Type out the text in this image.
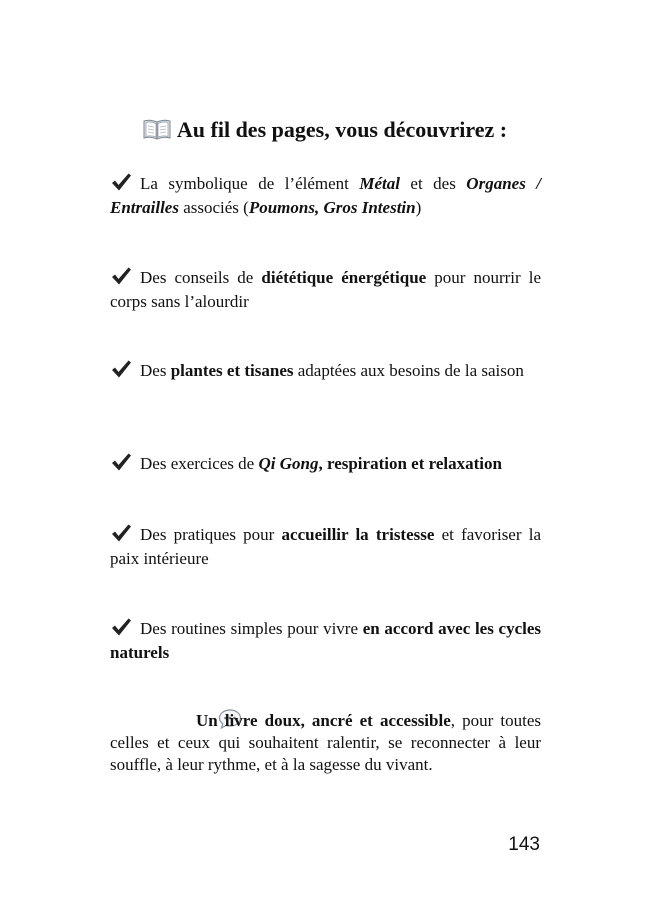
Au fil des pages, vous découvrirez :
La symbolique de l’élément Métal et des Organes / Entrailles associés (Poumons, Gros Intestin)
Des conseils de diététique énergétique pour nourrir le corps sans l’alourdir
Des plantes et tisanes adaptées aux besoins de la saison
Des exercices de Qi Gong, respiration et relaxation
Des pratiques pour accueillir la tristesse et favoriser la paix intérieure
Des routines simples pour vivre en accord avec les cycles naturels
Un livre doux, ancré et accessible, pour toutes celles et ceux qui souhaitent ralentir, se reconnecter à leur souffle, à leur rythme, et à la sagesse du vivant.
143
